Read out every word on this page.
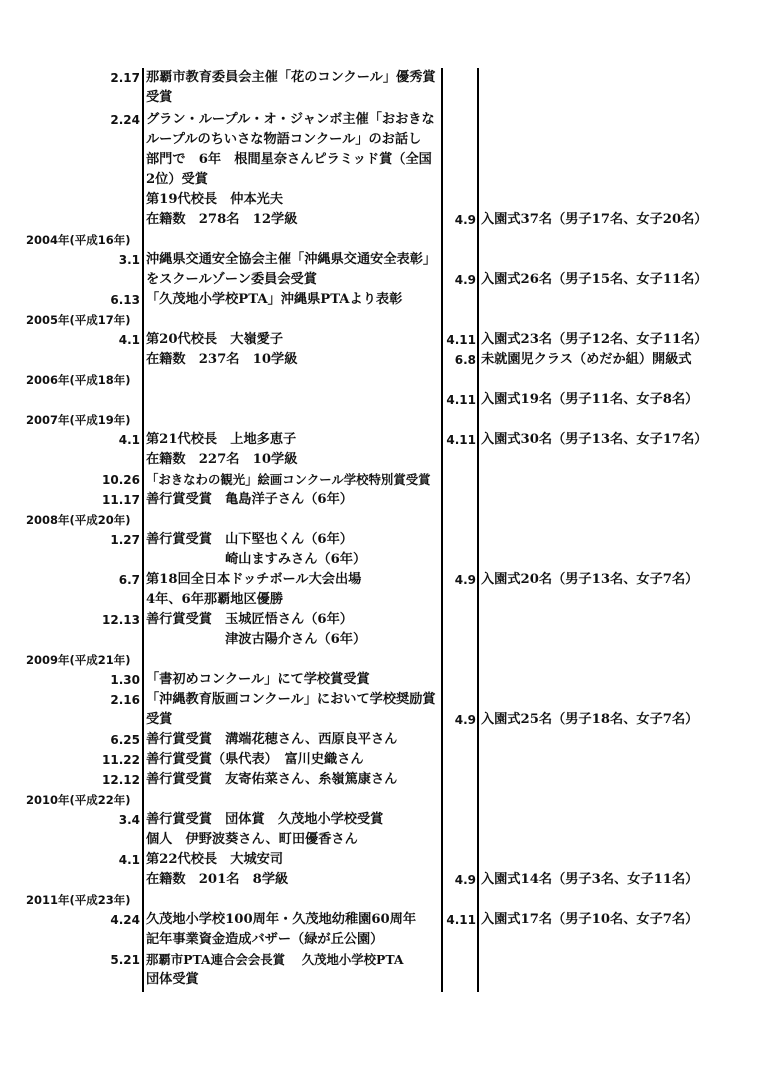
2004年(平成16年)
2005年(平成17年)
2006年(平成18年)
2007年(平成19年)
2008年(平成20年)
2009年(平成21年)
2010年(平成22年)
2011年(平成23年)
2.17 那覇市教育委員会主催「花のコンクール」優秀賞
受賞
2.24 グラン・ループル・オ・ジャンボ主催「おおきな
ループルのちいさな物語コンクール」のお話し
部門で　6年　根間星奈さんピラミッド賞（全国
2位）受賞
第19代校長　仲本光夫
在籍数　278名　12学級
3.1 沖縄県交通安全協会主催「沖縄県交通安全表彰」
をスクールゾーン委員会受賞
6.13 「久茂地小学校PTA」沖縄県PTAより表彰
4.1 第20代校長　大嶺愛子
在籍数　237名　10学級
4.1 第21代校長　上地多恵子
在籍数　227名　10学級
10.26 「おきなわの観光」絵画コンクール学校特別賞受賞
11.17 善行賞受賞　亀島洋子さん（6年）
1.27 善行賞受賞　山下堅也くん（6年）
　　　　　　崎山ますみさん（6年）
6.7 第18回全日本ドッチボール大会出場
4年、6年那覇地区優勝
12.13 善行賞受賞　玉城匠悟さん（6年）
　　　　　　津波古陽介さん（6年）
1.30 「書初めコンクール」にて学校賞受賞
2.16 「沖縄教育版画コンクール」において学校奨励賞
受賞
6.25 善行賞受賞　溝端花穂さん、西原良平さん
11.22 善行賞受賞（県代表）　富川史織さん
12.12 善行賞受賞　友寄佑菜さん、糸嶺篤康さん
3.4 善行賞受賞　団体賞　久茂地小学校受賞
個人　伊野波葵さん、町田優香さん
4.1 第22代校長　大城安司
在籍数　201名　8学級
4.24 久茂地小学校100周年・久茂地幼稚園60周年
記年事業資金造成バザー（緑が丘公園）
5.21 那覇市PTA連合会会長賞　 久茂地小学校PTA
団体受賞
4.9 入園式37名（男子17名、女子20名）
4.9 入園式26名（男子15名、女子11名）
4.11 入園式23名（男子12名、女子11名）
6.8 未就園児クラス（めだか組）開級式
4.11 入園式19名（男子11名、女子8名）
4.11 入園式30名（男子13名、女子17名）
4.9 入園式20名（男子13名、女子7名）
4.9 入園式25名（男子18名、女子7名）
4.9 入園式14名（男子3名、女子11名）
4.11 入園式17名（男子10名、女子7名）
